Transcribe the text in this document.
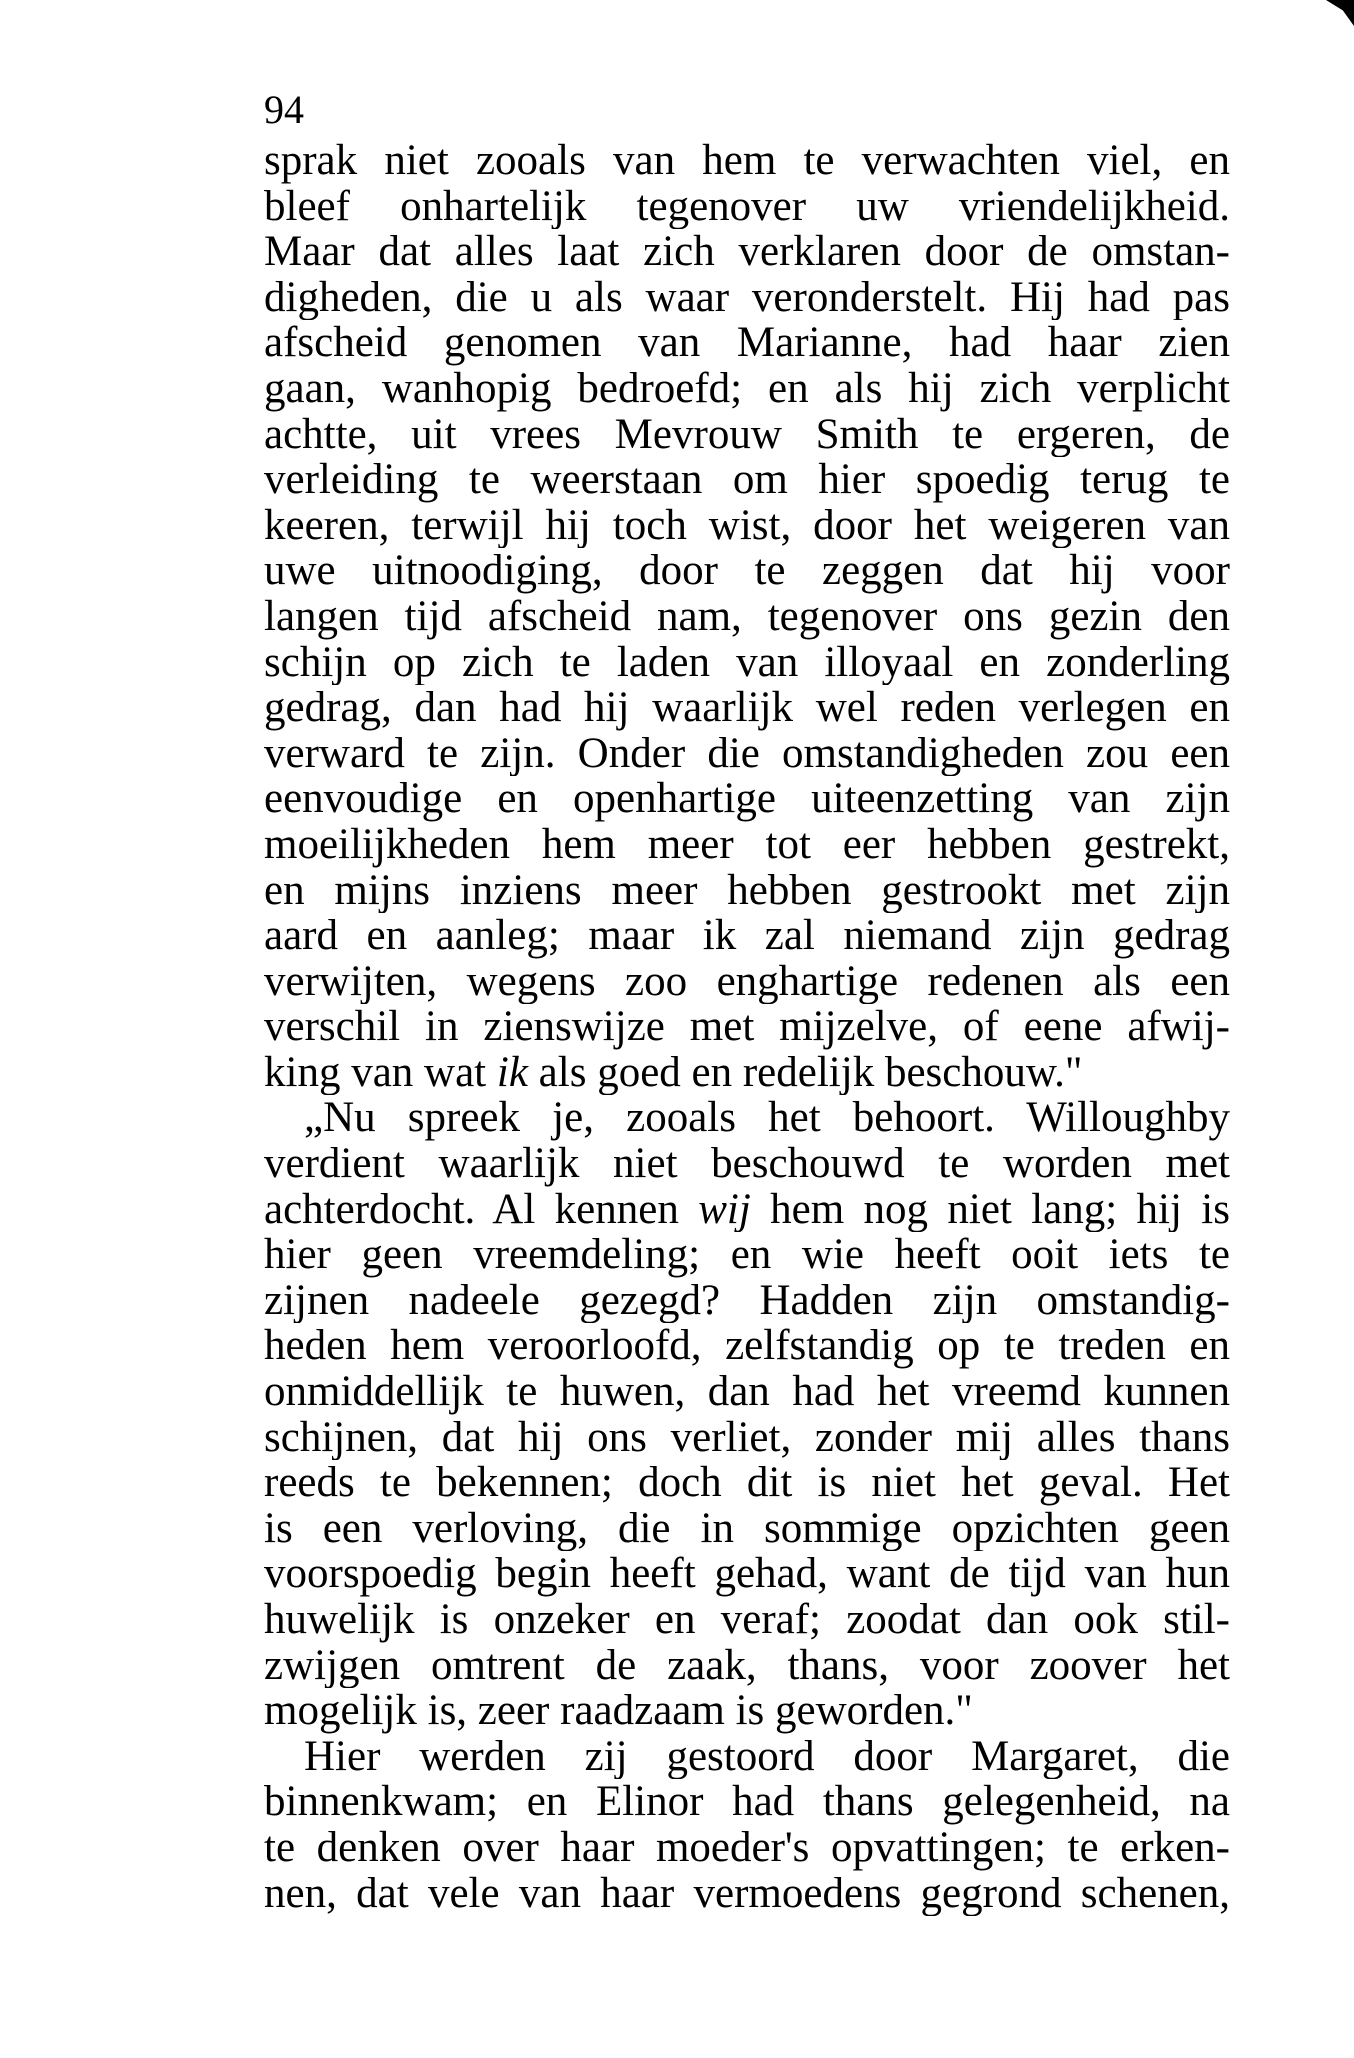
94
sprak niet zooals van hem te verwachten viel, en
bleef onhartelijk tegenover uw vriendelijkheid.
Maar dat alles laat zich verklaren door de omstan-
digheden, die u als waar veronderstelt. Hij had pas
afscheid genomen van Marianne, had haar zien
gaan, wanhopig bedroefd; en als hij zich verplicht
achtte, uit vrees Mevrouw Smith te ergeren, de
verleiding te weerstaan om hier spoedig terug te
keeren, terwijl hij toch wist, door het weigeren van
uwe uitnoodiging, door te zeggen dat hij voor
langen tijd afscheid nam, tegenover ons gezin den
schijn op zich te laden van illoyaal en zonderling
gedrag, dan had hij waarlijk wel reden verlegen en
verward te zijn. Onder die omstandigheden zou een
eenvoudige en openhartige uiteenzetting van zijn
moeilijkheden hem meer tot eer hebben gestrekt,
en mijns inziens meer hebben gestrookt met zijn
aard en aanleg; maar ik zal niemand zijn gedrag
verwijten, wegens zoo enghartige redenen als een
verschil in zienswijze met mijzelve, of eene afwij-
king van wat ik als goed en redelijk beschouw."
„Nu spreek je, zooals het behoort. Willoughby
verdient waarlijk niet beschouwd te worden met
achterdocht. Al kennen wij hem nog niet lang; hij is
hier geen vreemdeling; en wie heeft ooit iets te
zijnen nadeele gezegd? Hadden zijn omstandig-
heden hem veroorloofd, zelfstandig op te treden en
onmiddellijk te huwen, dan had het vreemd kunnen
schijnen, dat hij ons verliet, zonder mij alles thans
reeds te bekennen; doch dit is niet het geval. Het
is een verloving, die in sommige opzichten geen
voorspoedig begin heeft gehad, want de tijd van hun
huwelijk is onzeker en veraf; zoodat dan ook stil-
zwijgen omtrent de zaak, thans, voor zoover het
mogelijk is, zeer raadzaam is geworden."
Hier werden zij gestoord door Margaret, die
binnenkwam; en Elinor had thans gelegenheid, na
te denken over haar moeder's opvattingen; te erken-
nen, dat vele van haar vermoedens gegrond schenen,
